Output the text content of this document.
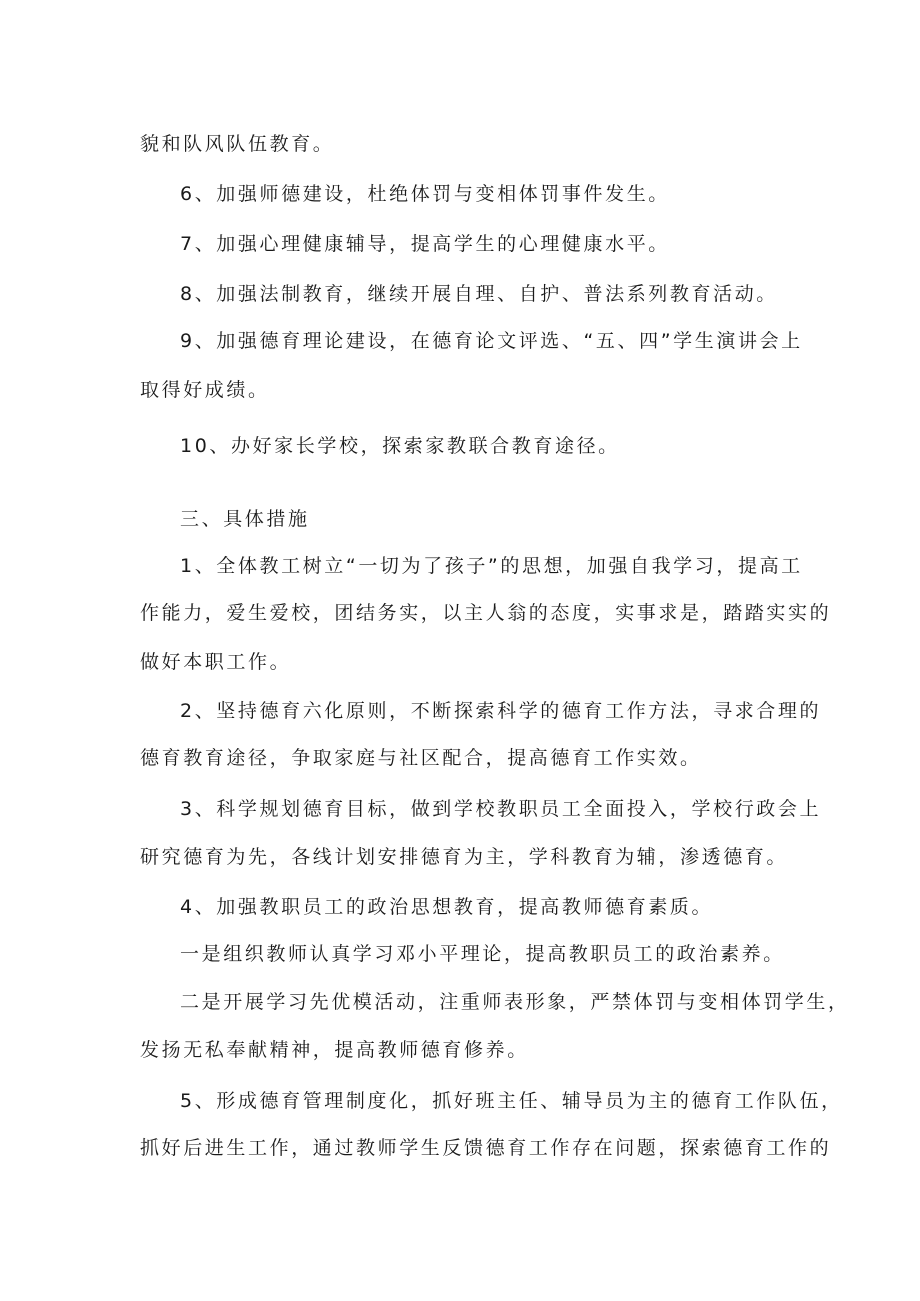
貌和队风队伍教育。
6、加强师德建设，杜绝体罚与变相体罚事件发生。
7、加强心理健康辅导，提高学生的心理健康水平。
8、加强法制教育，继续开展自理、自护、普法系列教育活动。
9、加强德育理论建设，在德育论文评选、“五、四”学生演讲会上
取得好成绩。
10、办好家长学校，探索家教联合教育途径。
三、具体措施
1、全体教工树立“一切为了孩子”的思想，加强自我学习，提高工
作能力，爱生爱校，团结务实，以主人翁的态度，实事求是，踏踏实实的
做好本职工作。
2、坚持德育六化原则，不断探索科学的德育工作方法，寻求合理的
德育教育途径，争取家庭与社区配合，提高德育工作实效。
3、科学规划德育目标，做到学校教职员工全面投入，学校行政会上
研究德育为先，各线计划安排德育为主，学科教育为辅，渗透德育。
4、加强教职员工的政治思想教育，提高教师德育素质。
一是组织教师认真学习邓小平理论，提高教职员工的政治素养。
二是开展学习先优模活动，注重师表形象，严禁体罚与变相体罚学生，
发扬无私奉献精神，提高教师德育修养。
5、形成德育管理制度化，抓好班主任、辅导员为主的德育工作队伍，
抓好后进生工作，通过教师学生反馈德育工作存在问题，探索德育工作的
